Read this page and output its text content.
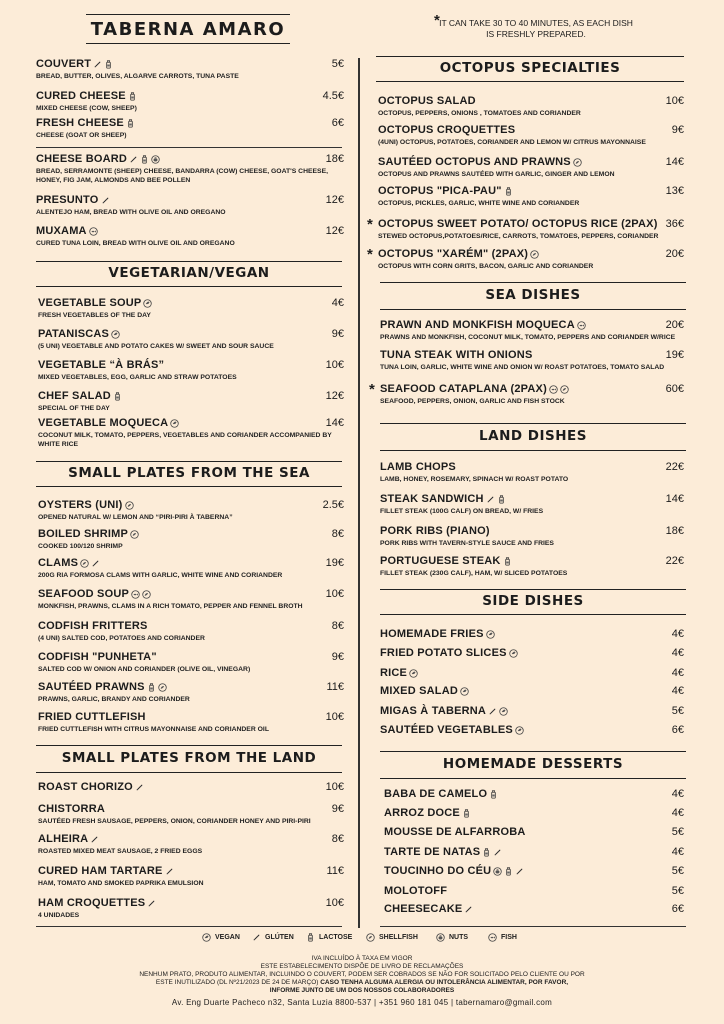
TABERNA AMARO	* IT CAN TAKE 30 TO 40 MINUTES, AS EACH DISH
IS FRESHLY PREPARED.
COUVERT	5€
BREAD, BUTTER, OLIVES, ALGARVE CARROTS, TUNA PASTE
CURED CHEESE	4.5€
MIXED CHEESE (COW, SHEEP)
FRESH CHEESE	6€
CHEESE (GOAT OR SHEEP)
CHEESE BOARD	18€
BREAD, SERRAMONTE (SHEEP) CHEESE, BANDARRA (COW) CHEESE, GOAT'S CHEESE, HONEY, FIG JAM, ALMONDS AND BEE POLLEN
PRESUNTO	12€
ALENTEJO HAM, BREAD WITH OLIVE OIL AND OREGANO
MUXAMA	12€
CURED TUNA LOIN, BREAD WITH OLIVE OIL AND OREGANO
VEGETARIAN/VEGAN
VEGETABLE SOUP	4€
FRESH VEGETABLES OF THE DAY
PATANISCAS	9€
(5 UNI) VEGETABLE AND POTATO CAKES W/ SWEET AND SOUR SAUCE
VEGETABLE “À BRÁS”	10€
MIXED VEGETABLES, EGG, GARLIC AND STRAW POTATOES
CHEF SALAD	12€
SPECIAL OF THE DAY
VEGETABLE MOQUECA	14€
COCONUT MILK, TOMATO, PEPPERS, VEGETABLES AND CORIANDER ACCOMPANIED BY WHITE RICE
SMALL PLATES FROM THE SEA
OYSTERS (UNI)	2.5€
OPENED NATURAL W/ LEMON AND “PIRI-PIRI À TABERNA”
BOILED SHRIMP	8€
COOKED 100/120 SHRIMP
CLAMS	19€
200G RIA FORMOSA CLAMS WITH GARLIC, WHITE WINE AND CORIANDER
SEAFOOD SOUP	10€
MONKFISH, PRAWNS, CLAMS IN A RICH TOMATO, PEPPER AND FENNEL BROTH
CODFISH FRITTERS	8€
(4 UNI) SALTED COD, POTATOES AND CORIANDER
CODFISH "PUNHETA"	9€
SALTED COD W/ ONION AND CORIANDER (OLIVE OIL, VINEGAR)
SAUTÉED PRAWNS	11€
PRAWNS, GARLIC, BRANDY AND CORIANDER
FRIED CUTTLEFISH	10€
FRIED CUTTLEFISH WITH CITRUS MAYONNAISE AND CORIANDER OIL
SMALL PLATES FROM THE LAND
ROAST CHORIZO	10€
CHISTORRA	9€
SAUTÉED FRESH SAUSAGE, PEPPERS, ONION, CORIANDER HONEY AND PIRI-PIRI
ALHEIRA	8€
ROASTED MIXED MEAT SAUSAGE, 2 FRIED EGGS
CURED HAM TARTARE	11€
HAM, TOMATO AND SMOKED PAPRIKA EMULSION
HAM CROQUETTES	10€
4 UNIDADES
OCTOPUS SPECIALTIES
OCTOPUS SALAD	10€
OCTOPUS, PEPPERS, ONIONS , TOMATOES AND CORIANDER
OCTOPUS CROQUETTES	9€
(4UNI) OCTOPUS, POTATOES, CORIANDER AND LEMON W/ CITRUS MAYONNAISE
SAUTÉED OCTOPUS AND PRAWNS	14€
OCTOPUS AND PRAWNS SAUTÉED WITH GARLIC, GINGER AND LEMON
OCTOPUS "PICA-PAU"	13€
OCTOPUS, PICKLES, GARLIC, WHITE WINE AND CORIANDER
* OCTOPUS SWEET POTATO/ OCTOPUS RICE (2PAX) 36€
STEWED OCTOPUS,POTATOES/RICE, CARROTS, TOMATOES, PEPPERS, CORIANDER
* OCTOPUS "XARÉM" (2PAX)	20€
OCTOPUS WITH CORN GRITS, BACON, GARLIC AND CORIANDER
SEA DISHES
PRAWN AND MONKFISH MOQUECA	20€
PRAWNS AND MONKFISH, COCONUT MILK, TOMATO, PEPPERS AND CORIANDER W/RICE
TUNA STEAK WITH ONIONS	19€
TUNA LOIN, GARLIC, WHITE WINE AND ONION W/ ROAST POTATOES, TOMATO SALAD
* SEAFOOD CATAPLANA (2PAX)	60€
SEAFOOD, PEPPERS, ONION, GARLIC AND FISH STOCK
LAND DISHES
LAMB CHOPS	22€
LAMB, HONEY, ROSEMARY, SPINACH W/ ROAST POTATO
STEAK SANDWICH	14€
FILLET STEAK (100G CALF) ON BREAD, W/ FRIES
PORK RIBS (PIANO)	18€
PORK RIBS WITH TAVERN-STYLE SAUCE AND FRIES
PORTUGUESE STEAK	22€
FILLET STEAK (230G CALF), HAM, W/ SLICED POTATOES
SIDE DISHES
HOMEMADE FRIES	4€
FRIED POTATO SLICES	4€
RICE	4€
MIXED SALAD	4€
MIGAS À TABERNA	5€
SAUTÉED VEGETABLES	6€
HOMEMADE DESSERTS
BABA DE CAMELO	4€
ARROZ DOCE	4€
MOUSSE DE ALFARROBA	5€
TARTE DE NATAS	4€
TOUCINHO DO CÉU	5€
MOLOTOFF	5€
CHEESECAKE	6€
VEGAN	GLÚTEN	LACTOSE	SHELLFISH	NUTS	FISH
IVA INCLUÍDO À TAXA EM VIGOR
ESTE ESTABELECIMENTO DISPÕE DE LIVRO DE RECLAMAÇÕES
NENHUM PRATO, PRODUTO ALIMENTAR, INCLUINDO O COUVERT, PODEM SER COBRADOS SE NÃO FOR SOLICITADO PELO CLIENTE OU POR
ESTE INUTILIZADO (DL Nº21/2023 DE 24 DE MARÇO) CASO TENHA ALGUMA ALERGIA OU INTOLERÂNCIA ALIMENTAR, POR FAVOR,
INFORME JUNTO DE UM DOS NOSSOS COLABORADORES
Av. Eng Duarte Pacheco n32, Santa Luzia 8800-537 | +351 960 181 045 | tabernamaro@gmail.com
